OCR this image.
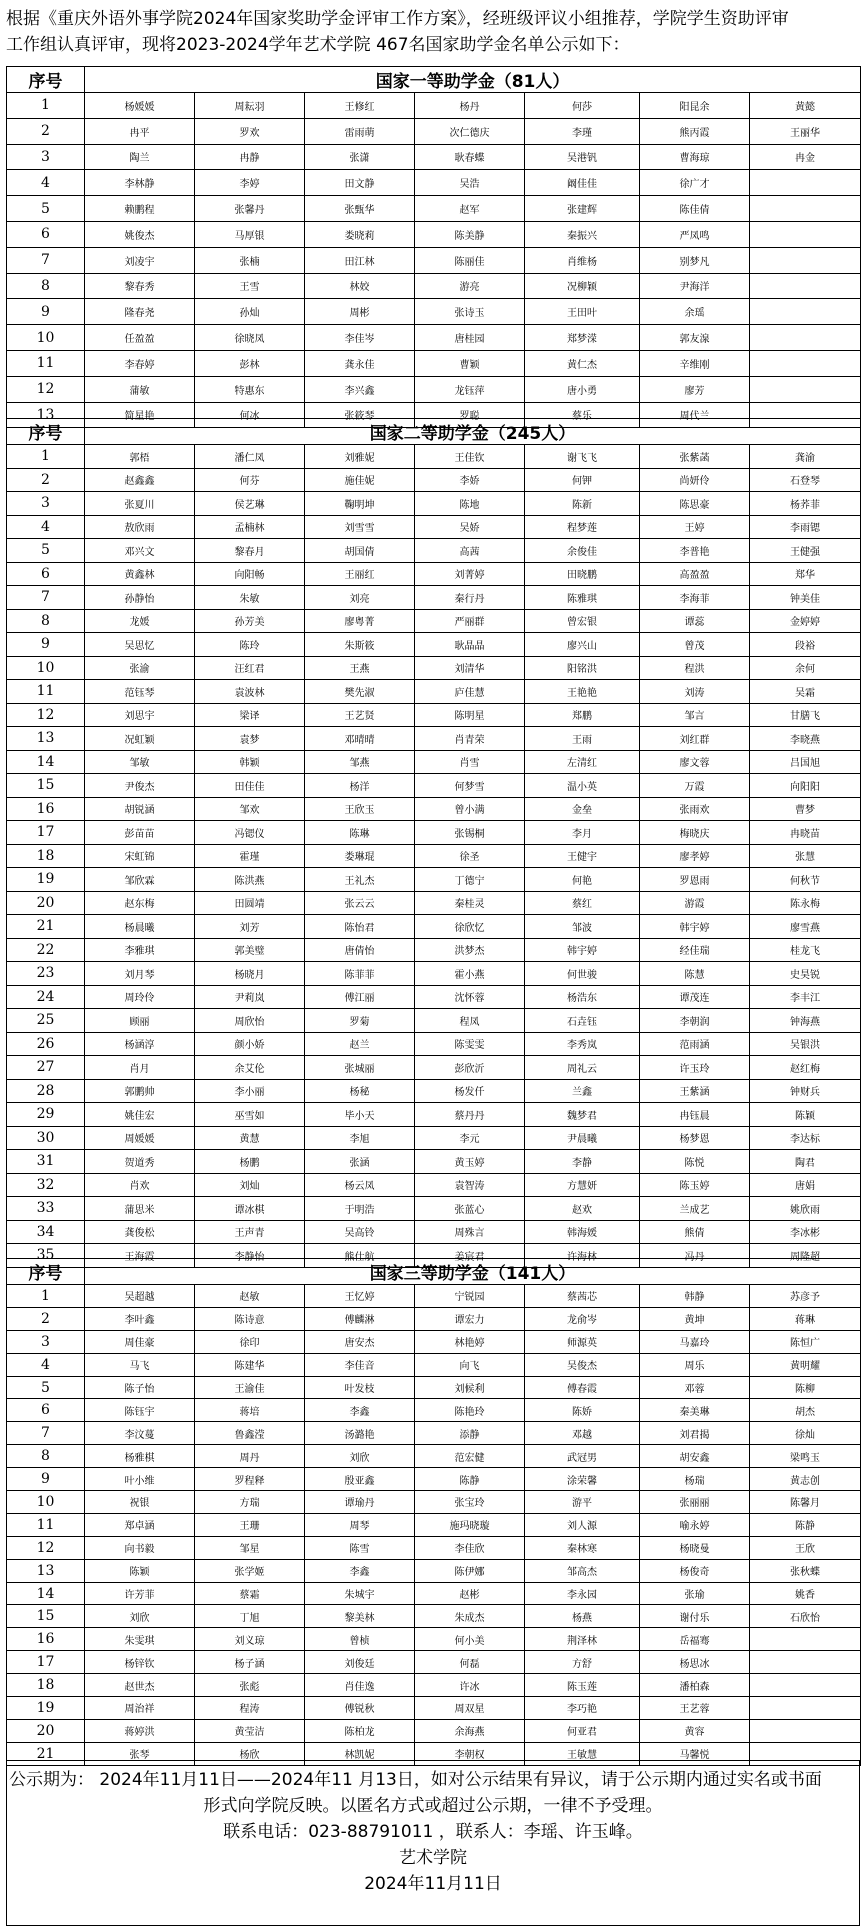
根据《重庆外语外事学院2024年国家奖助学金评审工作方案》，经班级评议小组推荐，学院学生资助评审
工作组认真评审，现将2023-2024学年艺术学院 467名国家助学金名单公示如下：
序号	国家一等助学金（81人）						
1	杨媛媛	周耘羽	王修红	杨丹	何莎	阳昆余	黄懿
2	冉平	罗欢	雷雨萌	次仁德庆	李瑾	熊丙霞	王丽华
3	陶兰	冉静	张潇	耿春蝶	吴港钒	曹海琼	冉金
4	李林静	李婷	田文静	吴浩	阚佳佳	徐广才	
5	赖鹏程	张馨丹	张甄华	赵军	张建辉	陈佳倩	
6	姚俊杰	马厚银	娄晓莉	陈美静	秦振兴	严凤鸣	
7	刘凌宇	张楠	田江林	陈丽佳	肖维杨	别梦凡	
8	黎春秀	王雪	林姣	游亮	况柳颖	尹海洋	
9	隆春尧	孙灿	周彬	张诗玉	王田叶	余瑶	
10	任盈盈	徐晓凤	李佳岑	唐桂园	郑梦溁	郭友湶	
11	李春婷	彭林	龚永佳	曹颖	黄仁杰	辛维刚	
12	蒲敏	特惠东	李兴鑫	龙钰萍	唐小勇	廖芳	
13	简星艳	何冰	张筱琴	罗聪	蔡乐	周代兰	
序号	国家二等助学金（245人）						
1	郭梧	潘仁凤	刘雅妮	王佳钦	谢飞飞	张紫菡	龚渝
2	赵鑫鑫	何芬	施佳妮	李娇	何钾	尚妍伶	石登琴
3	张夏川	侯艺琳	鞠明坤	陈地	陈新	陈思豪	杨荞菲
4	敖欣雨	孟楠林	刘雪雪	吴娇	程梦莲	王婷	李雨锶
5	邓兴文	黎春月	胡国倩	高茜	余俊佳	李普艳	王健强
6	黄鑫林	向阳畅	王丽红	刘菁婷	田晓鹏	高盈盈	郑华
7	孙静怡	朱敏	刘亮	秦行丹	陈雅琪	李海菲	钟美佳
8	龙媛	孙芳美	廖粤菁	严丽群	曾宏银	谭蕊	金婷婷
9	吴思忆	陈玲	朱斯筱	耿晶晶	廖兴山	曾茂	段裕
10	张渝	汪红君	王燕	刘清华	阳铭洪	程洪	余何
11	范钰琴	袁波林	樊先淑	庐佳慧	王艳艳	刘涛	吴霜
12	刘思宇	梁译	王艺贤	陈明星	郑鹏	邹言	甘膳飞
13	况虹颖	袁梦	邓晴晴	肖青荣	王雨	刘红群	李晓燕
14	邹敏	韩颖	邹燕	肖雪	左清红	廖文蓉	吕国旭
15	尹俊杰	田佳佳	杨洋	何梦雪	温小英	万霞	向阳阳
16	胡锐涵	邹欢	王欣玉	曾小满	金垒	张雨欢	曹梦
17	彭苗苗	冯锶仪	陈琳	张锡桐	李月	梅晓庆	冉晓苗
18	宋虹锦	霍瑾	娄琳琨	徐圣	王健宇	廖孝婷	张慧
19	邹欣霖	陈洪燕	王礼杰	丁德宁	何艳	罗恩雨	何秋节
20	赵东梅	田圆靖	张云云	秦桂灵	蔡红	游霞	陈永梅
21	杨晨曦	刘芳	陈怡君	徐欣忆	邹波	韩宇婷	廖雪燕
22	李雅琪	郭美璧	唐倩怡	洪梦杰	韩宇婷	经佳瑞	桂龙飞
23	刘月琴	杨晓月	陈菲菲	霍小燕	何世骏	陈慧	史昊锐
24	周玲伶	尹莉岚	傅江丽	沈怀蓉	杨浩东	谭茂连	李丰江
25	顾丽	周欣怡	罗菊	程凤	石垚钰	李朝润	钟海燕
26	杨涵淳	颜小娇	赵兰	陈雯雯	李秀岚	范雨涵	吴银洪
27	肖月	余艾伦	张城丽	彭欣沂	周礼云	许玉玲	赵红梅
28	郭鹏帅	李小丽	杨秘	杨发仟	兰鑫	王紫涵	钟财兵
29	姚佳宏	巫雪如	毕小天	蔡丹丹	魏梦君	冉钰晨	陈颖
30	周媛媛	黄慧	李旭	李元	尹晨曦	杨梦恩	李达标
31	贺道秀	杨鹏	张涵	黄玉婷	李静	陈悦	陶君
32	肖欢	刘灿	杨云凤	袁智涛	方慧妍	陈玉婷	唐娟
33	蒲思米	谭冰棋	于明浩	张蓝心	赵欢	兰成艺	姚欣雨
34	龚俊松	王声青	吴高铃	周殊言	韩海媛	熊倩	李冰彬
35	王海霞	李静怡	熊仕航	姜宸君	许海林	冯丹	周隆超
序号	国家三等助学金（141人）						
1	吴超越	赵敏	王忆婷	宁锐园	蔡茜芯	韩静	苏彦予
2	李叶鑫	陈诗意	傅麟淋	谭宏力	龙俞岑	黄坤	蒋琳
3	周佳豪	徐印	唐安杰	林艳婷	师源英	马嘉玲	陈恒广
4	马飞	陈建华	李佳音	向飞	吴俊杰	周乐	黄明耀
5	陈子怡	王渝佳	叶发枝	刘候利	傅春霞	邓蓉	陈柳
6	陈钰宇	蒋培	李鑫	陈艳玲	陈娇	秦美琳	胡杰
7	李汶蔓	鲁鑫滢	汤潞艳	添静	邓越	刘君揭	徐灿
8	杨雅棋	周丹	刘欣	范宏健	武冠男	胡安鑫	梁鸣玉
9	叶小维	罗程释	殷亚鑫	陈静	涂荣馨	杨瑞	黄志创
10	祝银	方瑞	谭瑜丹	张宝玲	游平	张丽丽	陈馨月
11	郑卓涵	王珊	周琴	施玛晓璇	刘人源	喻永婷	陈静
12	向书毅	邹星	陈雪	李佳欣	秦林寒	杨晓曼	王欣
13	陈颖	张学姬	李鑫	陈伊娜	邹高杰	杨俊奇	张秋蝶
14	许芳菲	蔡霜	朱城宇	赵彬	李永园	张瑜	姚香
15	刘欣	丁旭	黎美林	朱成杰	杨燕	谢付乐	石欣怡
16	朱雯琪	刘义琼	曾桢	何小美	荆泽林	岳福骞	
17	杨锌钦	杨子涵	刘俊廷	何磊	方舒	杨思冰	
18	赵世杰	张彪	肖佳逸	许冰	陈玉莲	潘柏森	
19	周治祥	程涛	傅锐秋	周双星	李巧艳	王艺蓉	
20	蒋婷洪	黄莹洁	陈柏龙	余海燕	何亚君	黄容	
21	张琴	杨欣	林凯妮	李朝权	王敏慧	马馨悦	
公示期为： 2024年11月11日——2024年11 月13日，如对公示结果有异议，请于公示期内通过实名或书面
形式向学院反映。以匿名方式或超过公示期，一律不予受理。
联系电话：023-88791011 ，联系人：李瑶、许玉峰。
艺术学院
2024年11月11日
